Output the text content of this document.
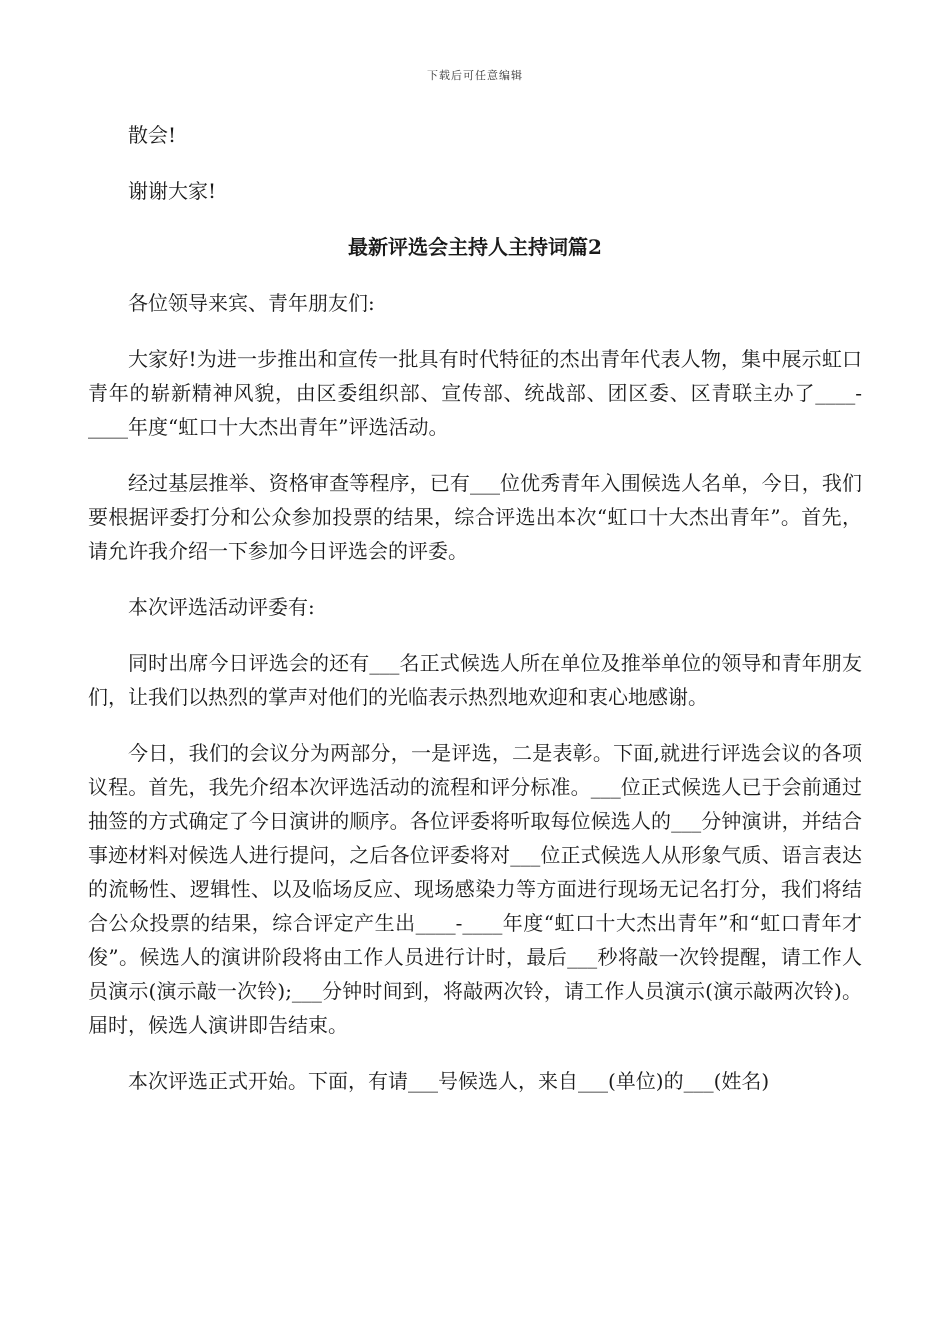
下载后可任意编辑

散会!

谢谢大家!

最新评选会主持人主持词篇2

各位领导来宾、青年朋友们:

大家好!为进一步推出和宣传一批具有时代特征的杰出青年代表人物，集中展示虹口青年的崭新精神风貌，由区委组织部、宣传部、统战部、团区委、区青联主办了____-____年度“虹口十大杰出青年”评选活动。

经过基层推举、资格审查等程序，已有___位优秀青年入围候选人名单，今日，我们要根据评委打分和公众参加投票的结果，综合评选出本次“虹口十大杰出青年”。首先，请允许我介绍一下参加今日评选会的评委。

本次评选活动评委有:

同时出席今日评选会的还有___名正式候选人所在单位及推举单位的领导和青年朋友们，让我们以热烈的掌声对他们的光临表示热烈地欢迎和衷心地感谢。

今日，我们的会议分为两部分，一是评选，二是表彰。下面,就进行评选会议的各项议程。首先，我先介绍本次评选活动的流程和评分标准。___位正式候选人已于会前通过抽签的方式确定了今日演讲的顺序。各位评委将听取每位候选人的___分钟演讲，并结合事迹材料对候选人进行提问，之后各位评委将对___位正式候选人从形象气质、语言表达的流畅性、逻辑性、以及临场反应、现场感染力等方面进行现场无记名打分，我们将结合公众投票的结果，综合评定产生出____-____年度“虹口十大杰出青年”和“虹口青年才俊”。候选人的演讲阶段将由工作人员进行计时，最后___秒将敲一次铃提醒，请工作人员演示(演示敲一次铃);___分钟时间到，将敲两次铃，请工作人员演示(演示敲两次铃)。届时，候选人演讲即告结束。

本次评选正式开始。下面，有请___号候选人，来自___(单位)的___(姓名)
